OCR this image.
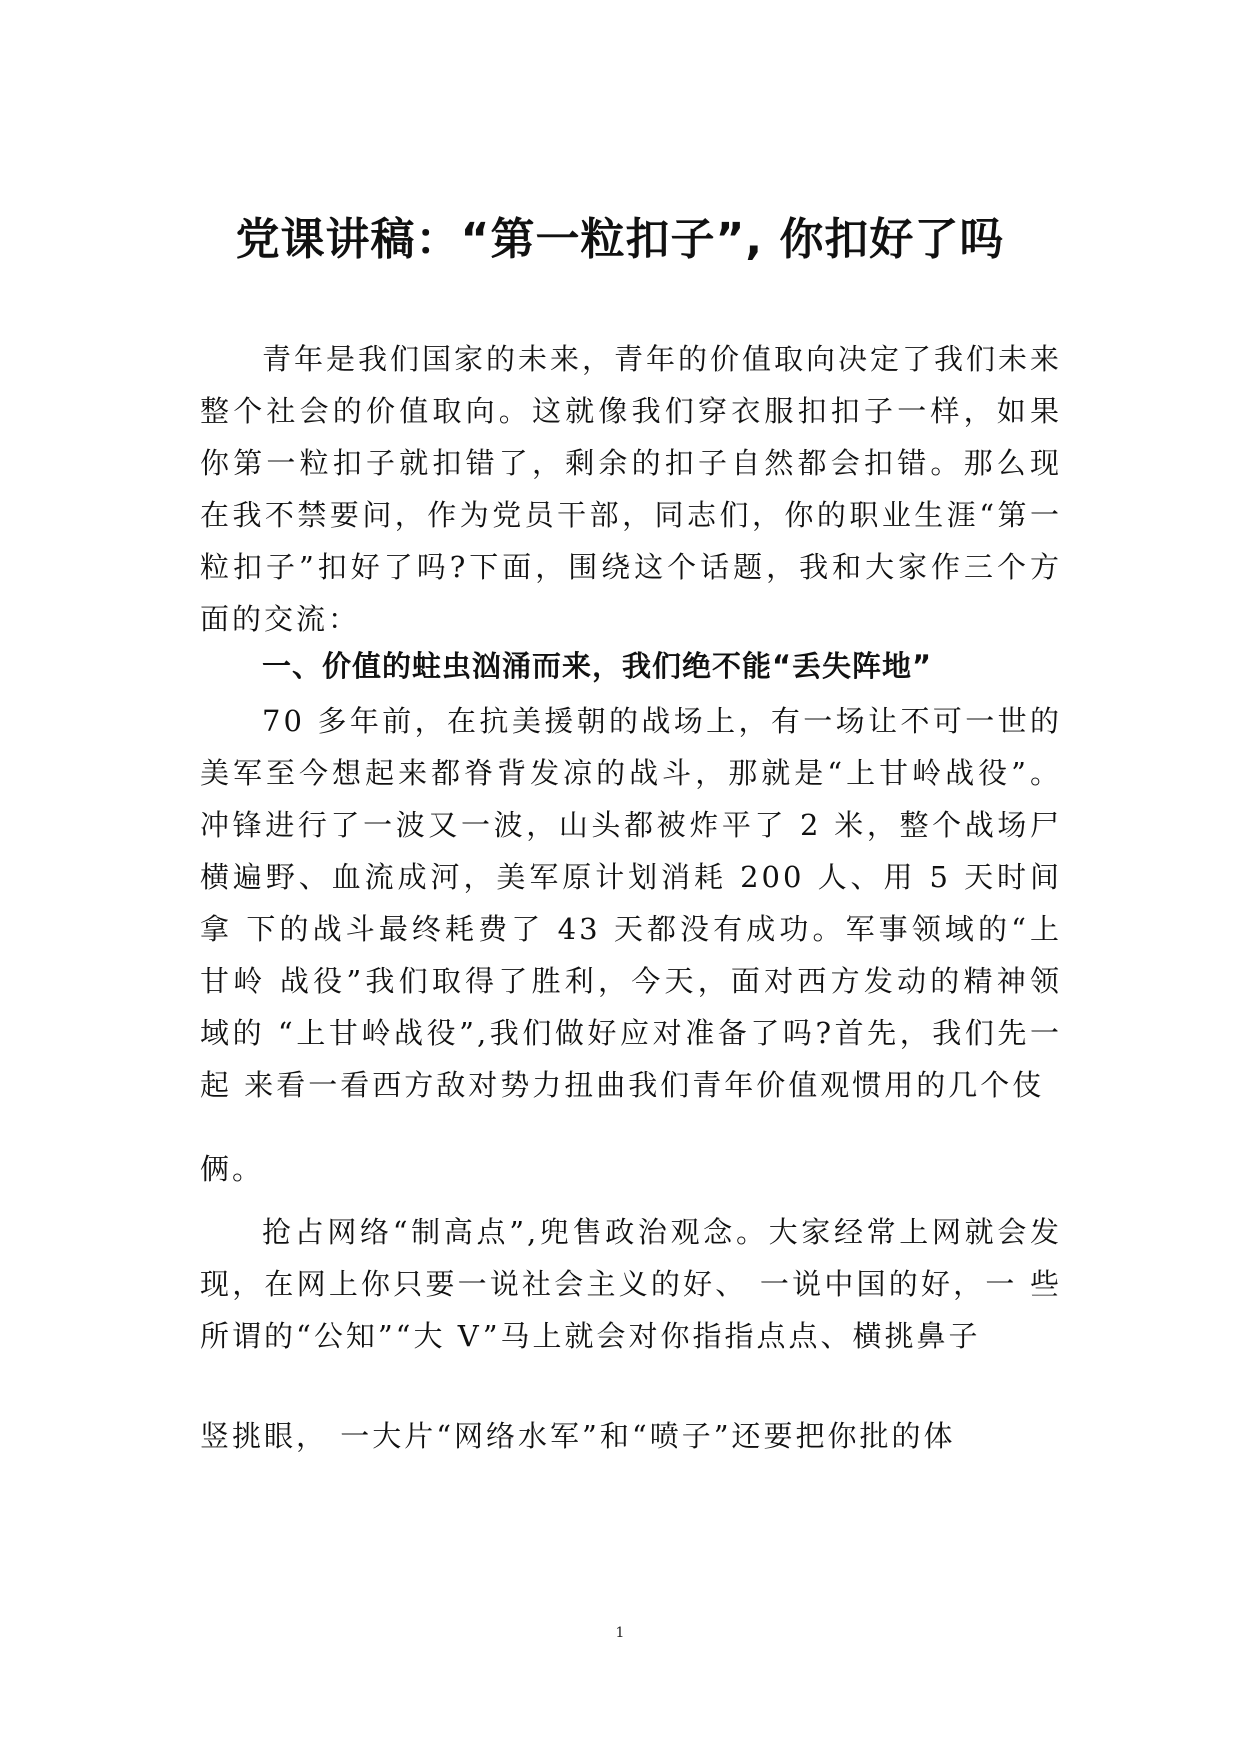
党课讲稿：“第一粒扣子”, 你扣好了吗

青年是我们国家的未来，青年的价值取向决定了我们未来整个社会的价值取向。这就像我们穿衣服扣扣子一样，如果你第一粒扣子就扣错了，剩余的扣子自然都会扣错。那么现在我不禁要问，作为党员干部，同志们，你的职业生涯“第一粒扣子”扣好了吗?下面，围绕这个话题，我和大家作三个方面的交流：

一、价值的蛀虫汹涌而来，我们绝不能“丢失阵地”

70 多年前，在抗美援朝的战场上，有一场让不可一世的 美军至今想起来都脊背发凉的战斗，那就是“上甘岭战役”。 冲锋进行了一波又一波，山头都被炸平了 2 米，整个战场尸 横遍野、血流成河，美军原计划消耗 200 人、用 5 天时间拿 下的战斗最终耗费了 43 天都没有成功。军事领域的“上甘岭 战役”我们取得了胜利，今天，面对西方发动的精神领域的 “上甘岭战役”,我们做好应对准备了吗?首先，我们先一起 来看一看西方敌对势力扭曲我们青年价值观惯用的几个伎

俩。

抢占网络“制高点”,兜售政治观念。大家经常上网就会发现，在网上你只要一说社会主义的好、 一说中国的好，一 些所谓的“公知”“大 V”马上就会对你指指点点、横挑鼻子

竖挑眼， 一大片“网络水军”和“喷子”还要把你批的体

1
